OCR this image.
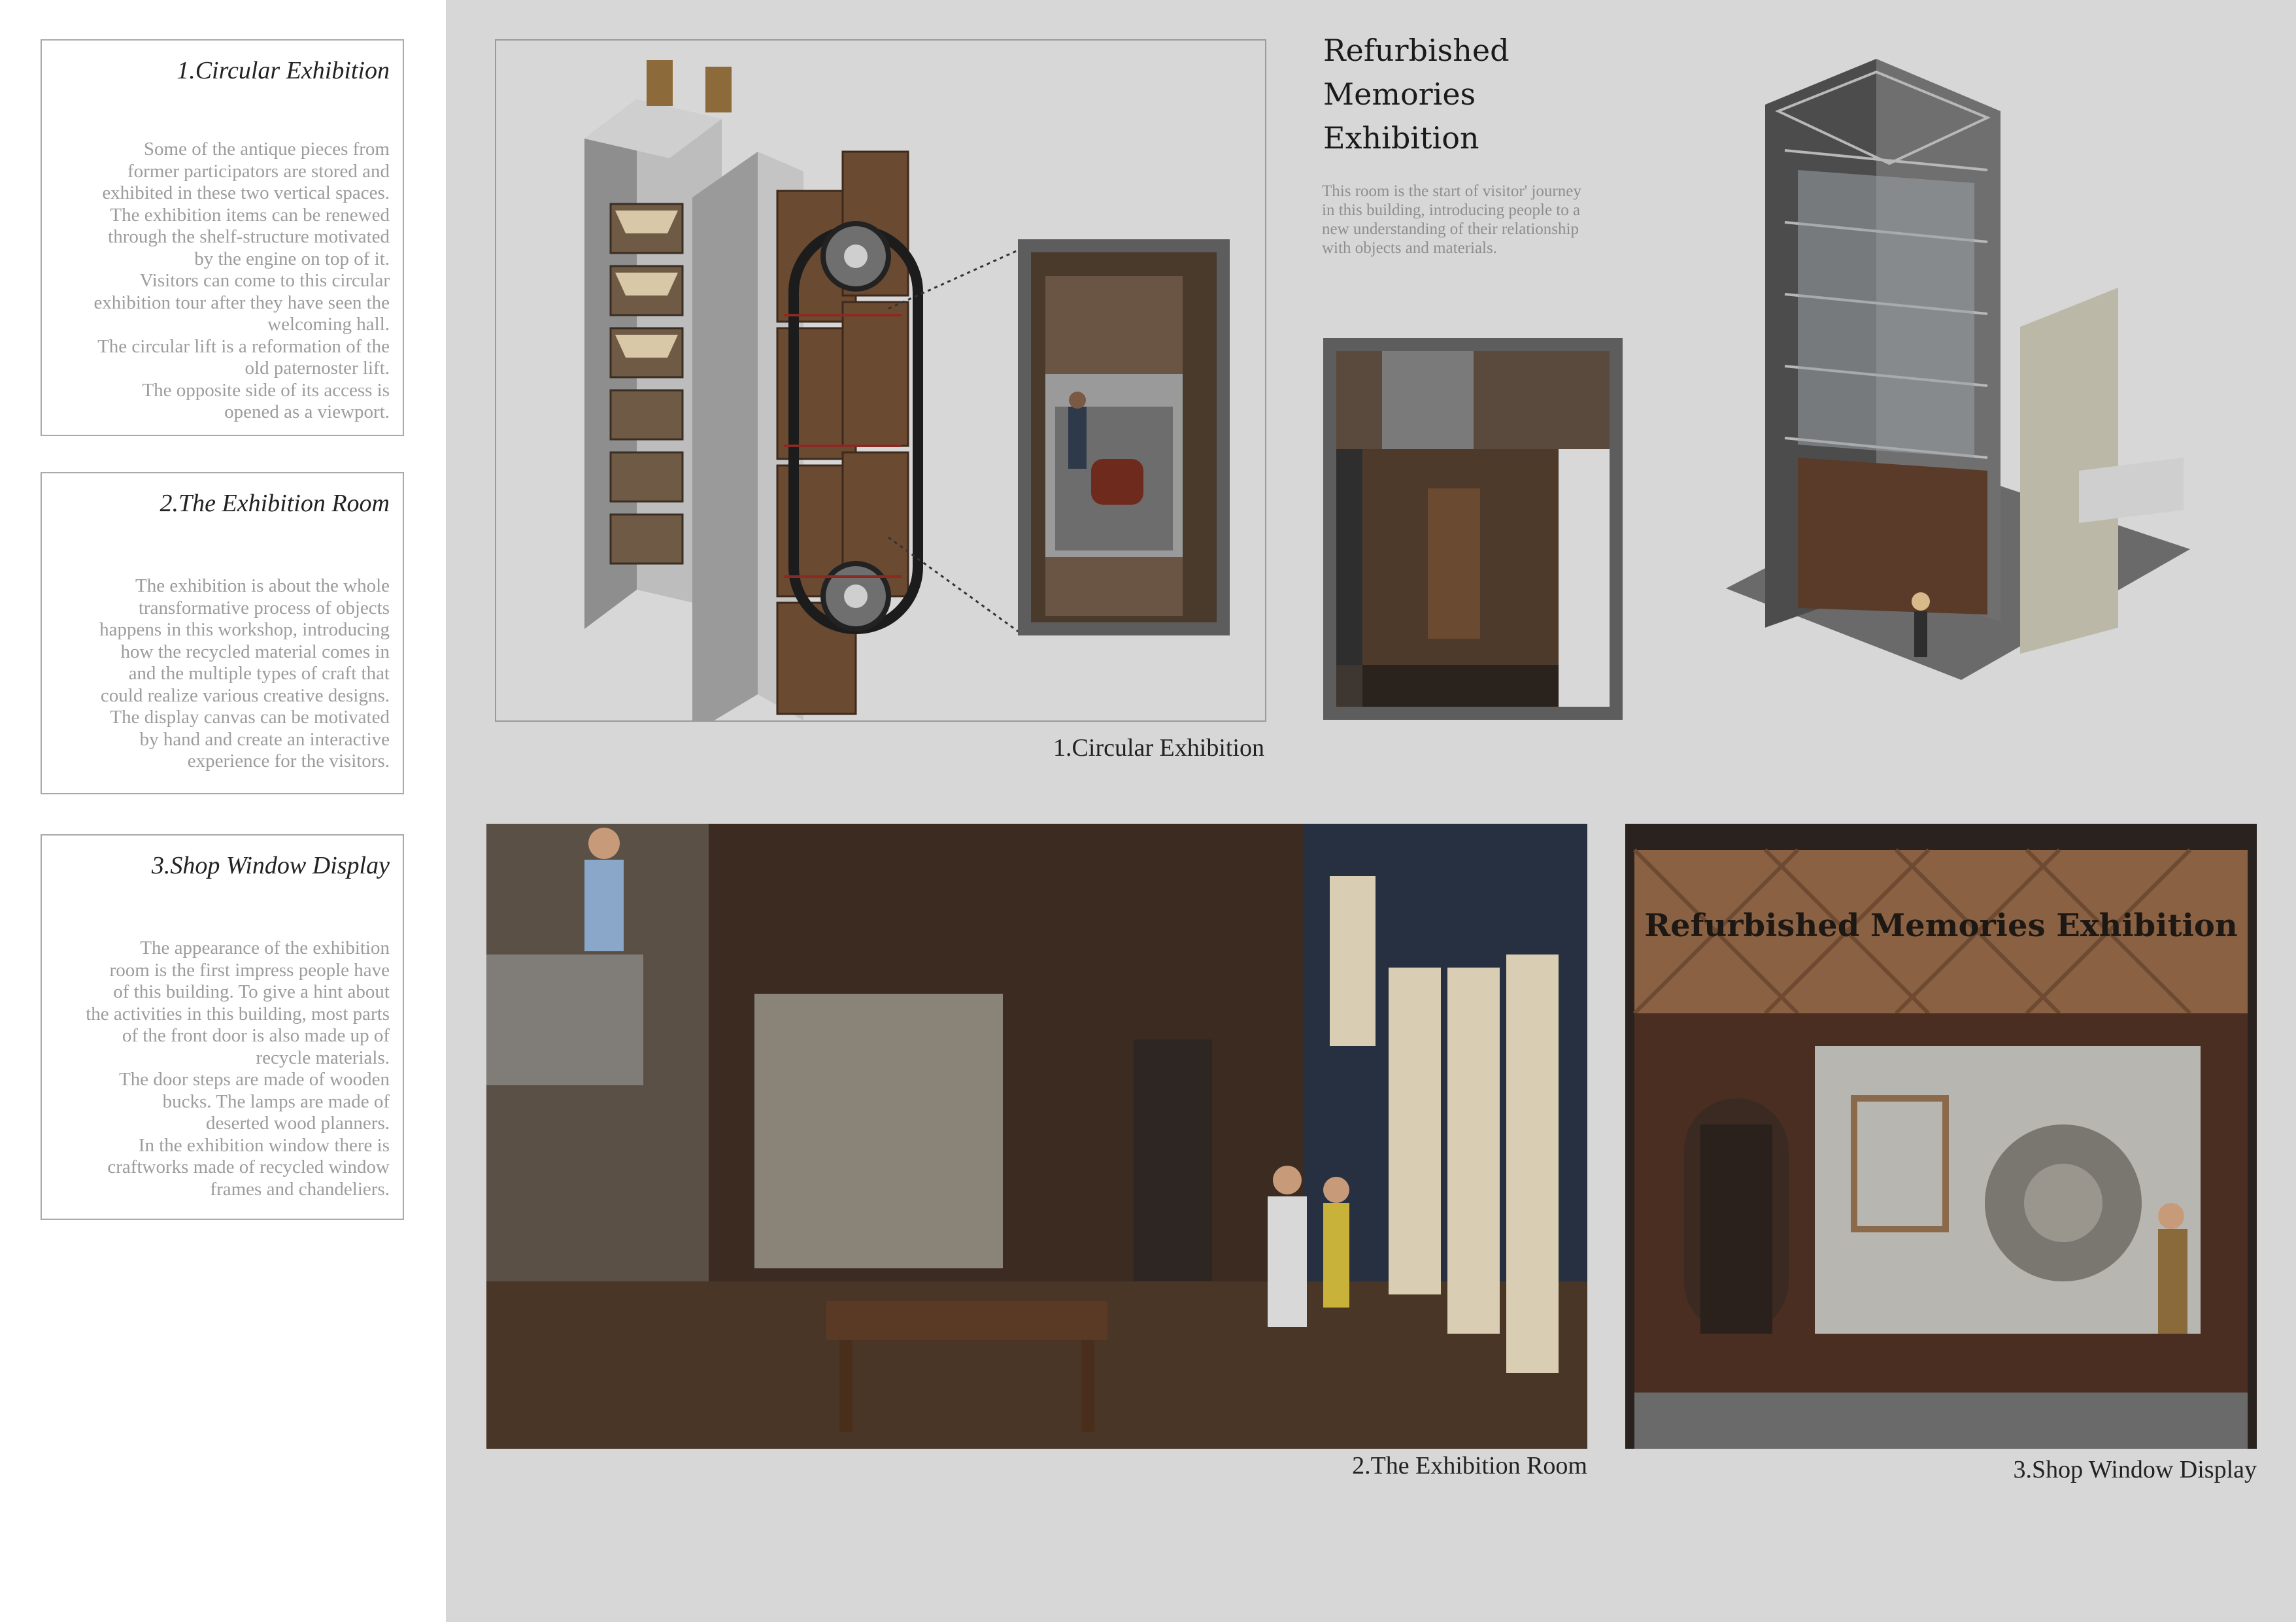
1.Circular Exhibition

Some of the antique pieces from
former participators are stored and
exhibited in these two vertical spaces.
The exhibition items can be renewed
through the shelf-structure motivated
by the engine on top of it.
Visitors can come to this circular
exhibition tour after they have seen the
welcoming hall.
The circular lift is a reformation of the
old paternoster lift.
The opposite side of its access is
opened as a viewport.

2.The Exhibition Room

The exhibition is about the whole
transformative process of objects
happens in this workshop, introducing
how the recycled material comes in
and the multiple types of craft that
could realize various creative designs.
The display canvas can be motivated
by hand and create an interactive
experience for the visitors.

3.Shop Window Display

The appearance of the exhibition
room is the first impress people have
of this building. To give a hint about
the activities in this building, most parts
of the front door is also made up of
recycle materials.
The door steps are made of wooden
bucks. The lamps are made of
deserted wood planners.
In the exhibition window there is
craftworks made of recycled window
frames and chandeliers.

Refurbished
Memories
Exhibition
This room is the start of visitor' journey
in this building, introducing people to a
new understanding of their relationship
with objects and materials.
1.Circular Exhibition
2.The Exhibition Room
Refurbished Memories Exhibition
3.Shop Window Display
